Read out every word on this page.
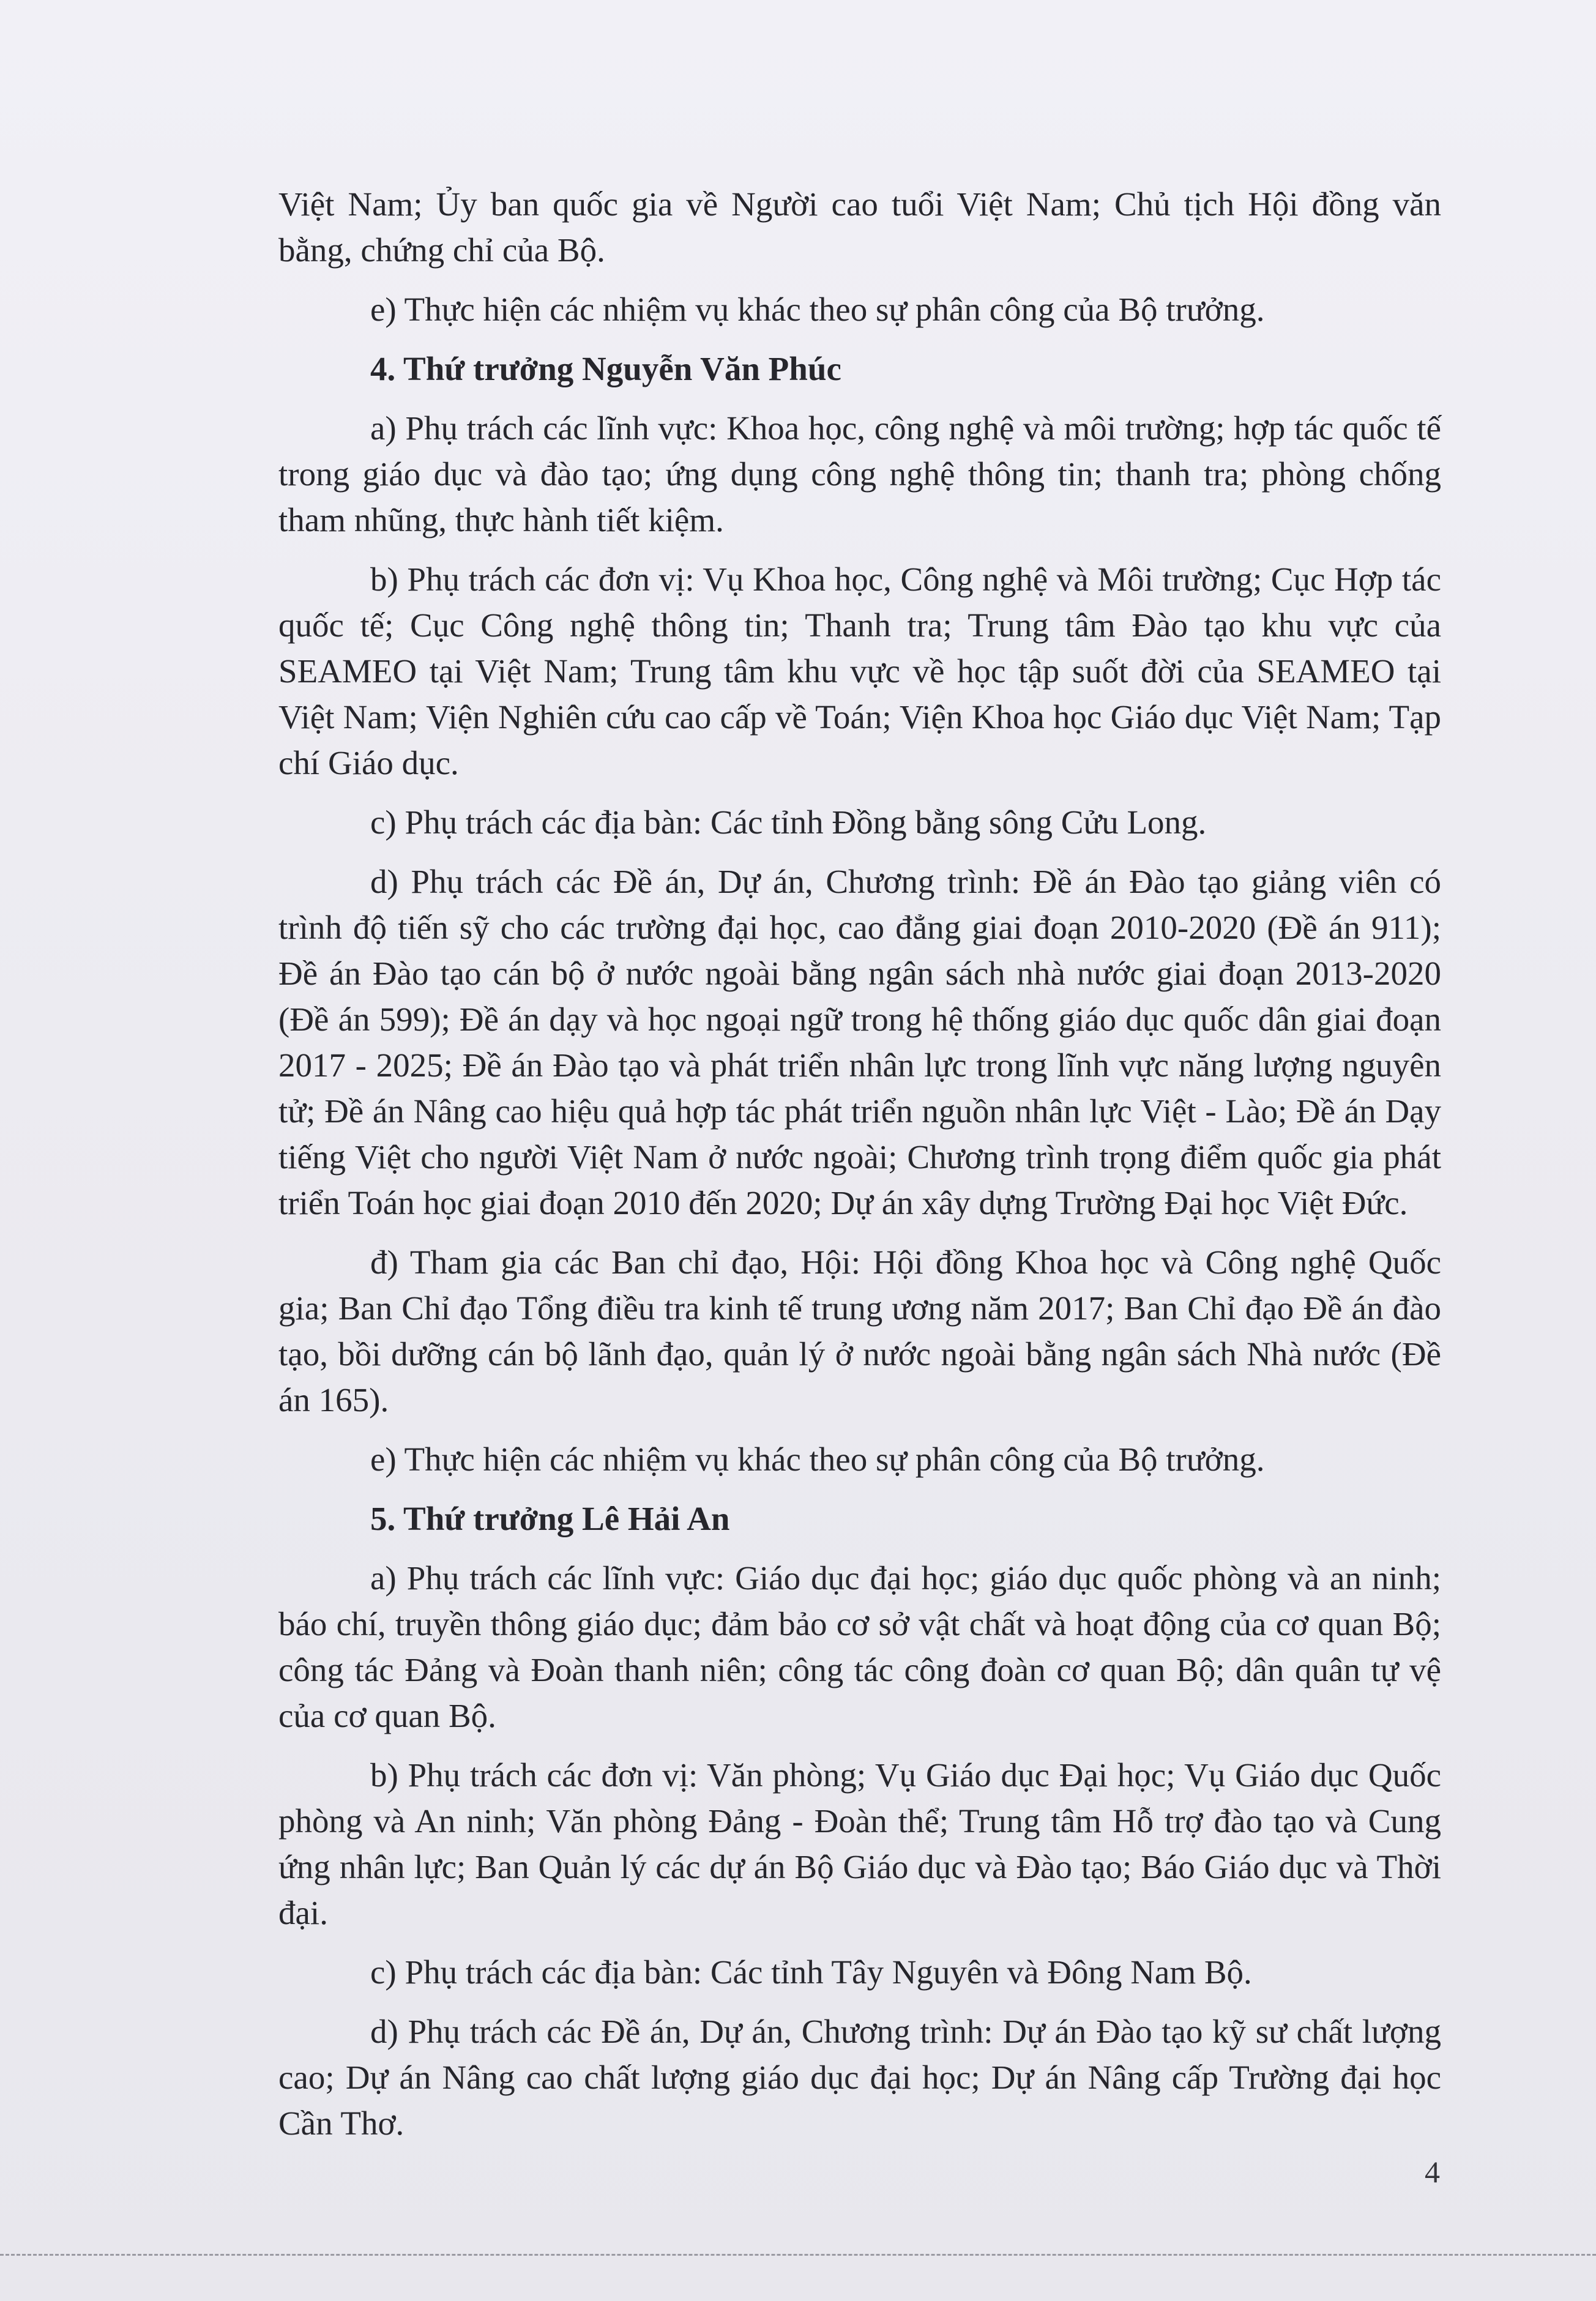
Việt Nam; Ủy ban quốc gia về Người cao tuổi Việt Nam; Chủ tịch Hội đồng văn bằng, chứng chỉ của Bộ.

e) Thực hiện các nhiệm vụ khác theo sự phân công của Bộ trưởng.

4. Thứ trưởng Nguyễn Văn Phúc

a) Phụ trách các lĩnh vực: Khoa học, công nghệ và môi trường; hợp tác quốc tế trong giáo dục và đào tạo; ứng dụng công nghệ thông tin; thanh tra; phòng chống tham nhũng, thực hành tiết kiệm.

b) Phụ trách các đơn vị: Vụ Khoa học, Công nghệ và Môi trường; Cục Hợp tác quốc tế; Cục Công nghệ thông tin; Thanh tra; Trung tâm Đào tạo khu vực của SEAMEO tại Việt Nam; Trung tâm khu vực về học tập suốt đời của SEAMEO tại Việt Nam; Viện Nghiên cứu cao cấp về Toán; Viện Khoa học Giáo dục Việt Nam; Tạp chí Giáo dục.

c) Phụ trách các địa bàn: Các tỉnh Đồng bằng sông Cửu Long.

d) Phụ trách các Đề án, Dự án, Chương trình: Đề án Đào tạo giảng viên có trình độ tiến sỹ cho các trường đại học, cao đẳng giai đoạn 2010-2020 (Đề án 911); Đề án Đào tạo cán bộ ở nước ngoài bằng ngân sách nhà nước giai đoạn 2013-2020 (Đề án 599); Đề án dạy và học ngoại ngữ trong hệ thống giáo dục quốc dân giai đoạn 2017 - 2025; Đề án Đào tạo và phát triển nhân lực trong lĩnh vực năng lượng nguyên tử; Đề án Nâng cao hiệu quả hợp tác phát triển nguồn nhân lực Việt - Lào; Đề án Dạy tiếng Việt cho người Việt Nam ở nước ngoài; Chương trình trọng điểm quốc gia phát triển Toán học giai đoạn 2010 đến 2020; Dự án xây dựng Trường Đại học Việt Đức.

đ) Tham gia các Ban chỉ đạo, Hội: Hội đồng Khoa học và Công nghệ Quốc gia; Ban Chỉ đạo Tổng điều tra kinh tế trung ương năm 2017; Ban Chỉ đạo Đề án đào tạo, bồi dưỡng cán bộ lãnh đạo, quản lý ở nước ngoài bằng ngân sách Nhà nước (Đề án 165).

e) Thực hiện các nhiệm vụ khác theo sự phân công của Bộ trưởng.

5. Thứ trưởng Lê Hải An

a) Phụ trách các lĩnh vực: Giáo dục đại học; giáo dục quốc phòng và an ninh; báo chí, truyền thông giáo dục; đảm bảo cơ sở vật chất và hoạt động của cơ quan Bộ; công tác Đảng và Đoàn thanh niên; công tác công đoàn cơ quan Bộ; dân quân tự vệ của cơ quan Bộ.

b) Phụ trách các đơn vị: Văn phòng; Vụ Giáo dục Đại học; Vụ Giáo dục Quốc phòng và An ninh; Văn phòng Đảng - Đoàn thể; Trung tâm Hỗ trợ đào tạo và Cung ứng nhân lực; Ban Quản lý các dự án Bộ Giáo dục và Đào tạo; Báo Giáo dục và Thời đại.

c) Phụ trách các địa bàn: Các tỉnh Tây Nguyên và Đông Nam Bộ.

d) Phụ trách các Đề án, Dự án, Chương trình: Dự án Đào tạo kỹ sư chất lượng cao; Dự án Nâng cao chất lượng giáo dục đại học; Dự án Nâng cấp Trường đại học Cần Thơ.

4
